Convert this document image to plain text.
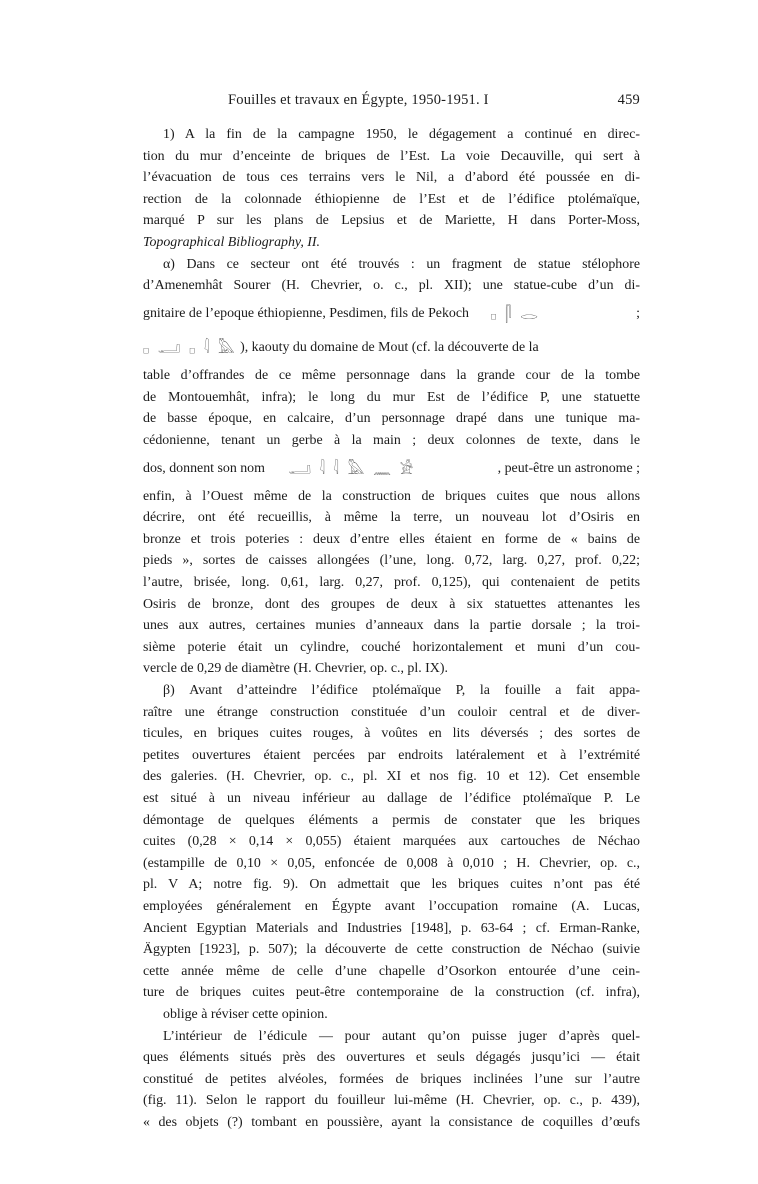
Fouilles et travaux en Égypte, 1950-1951. I	459
1) A la fin de la campagne 1950, le dégagement a continué en direc-
tion du mur d’enceinte de briques de l’Est. La voie Decauville, qui sert à
l’évacuation de tous ces terrains vers le Nil, a d’abord été poussée en di-
rection de la colonnade éthiopienne de l’Est et de l’édifice ptolémaïque,
marqué P sur les plans de Lepsius et de Mariette, H dans Porter-Moss,
Topographical Bibliography, II.
α) Dans ce secteur ont été trouvés : un fragment de statue stélophore
d’Amenemhât Sourer (H. Chevrier, o. c., pl. XII); une statue-cube d’un di-
gnitaire de l’epoque éthiopienne, Pesdimen, fils de Pekoch 𓊪 𓋴 𓂋	;
𓊪 𓂝 𓊪 𓇋 𓅓 ), kaouty du domaine de Mout (cf. la découverte de la
table d’offrandes de ce même personnage dans la grande cour de la tombe
de Montouemhât, infra); le long du mur Est de l’édifice P, une statuette
de basse époque, en calcaire, d’un personnage drapé dans une tunique ma-
cédonienne, tenant un gerbe à la main ; deux colonnes de texte, dans le
dos, donnent son nom 𓂝 𓇋 𓇋 𓅓 𓈖 𓀀	, peut-être un astronome ;
enfin, à l’Ouest même de la construction de briques cuites que nous allons
décrire, ont été recueillis, à même la terre, un nouveau lot d’Osiris en
bronze et trois poteries : deux d’entre elles étaient en forme de « bains de
pieds », sortes de caisses allongées (l’une, long. 0,72, larg. 0,27, prof. 0,22;
l’autre, brisée, long. 0,61, larg. 0,27, prof. 0,125), qui contenaient de petits
Osiris de bronze, dont des groupes de deux à six statuettes attenantes les
unes aux autres, certaines munies d’anneaux dans la partie dorsale ; la troi-
sième poterie était un cylindre, couché horizontalement et muni d’un cou-
vercle de 0,29 de diamètre (H. Chevrier, op. c., pl. IX).
β) Avant d’atteindre l’édifice ptolémaïque P, la fouille a fait appa-
raître une étrange construction constituée d’un couloir central et de diver-
ticules, en briques cuites rouges, à voûtes en lits déversés ; des sortes de
petites ouvertures étaient percées par endroits latéralement et à l’extrémité
des galeries. (H. Chevrier, op. c., pl. XI et nos fig. 10 et 12). Cet ensemble
est situé à un niveau inférieur au dallage de l’édifice ptolémaïque P. Le
démontage de quelques éléments a permis de constater que les briques
cuites (0,28 × 0,14 × 0,055) étaient marquées aux cartouches de Néchao
(estampille de 0,10 × 0,05, enfoncée de 0,008 à 0,010 ; H. Chevrier, op. c.,
pl. V A; notre fig. 9). On admettait que les briques cuites n’ont pas été
employées généralement en Égypte avant l’occupation romaine (A. Lucas,
Ancient Egyptian Materials and Industries [1948], p. 63-64 ; cf. Erman-Ranke,
Ägypten [1923], p. 507); la découverte de cette construction de Néchao (suivie
cette année même de celle d’une chapelle d’Osorkon entourée d’une cein-
ture de briques cuites peut-être contemporaine de la construction (cf. infra),
oblige à réviser cette opinion.
L’intérieur de l’édicule — pour autant qu’on puisse juger d’après quel-
ques éléments situés près des ouvertures et seuls dégagés jusqu’ici — était
constitué de petites alvéoles, formées de briques inclinées l’une sur l’autre
(fig. 11). Selon le rapport du fouilleur lui-même (H. Chevrier, op. c., p. 439),
« des objets (?) tombant en poussière, ayant la consistance de coquilles d’œufs
